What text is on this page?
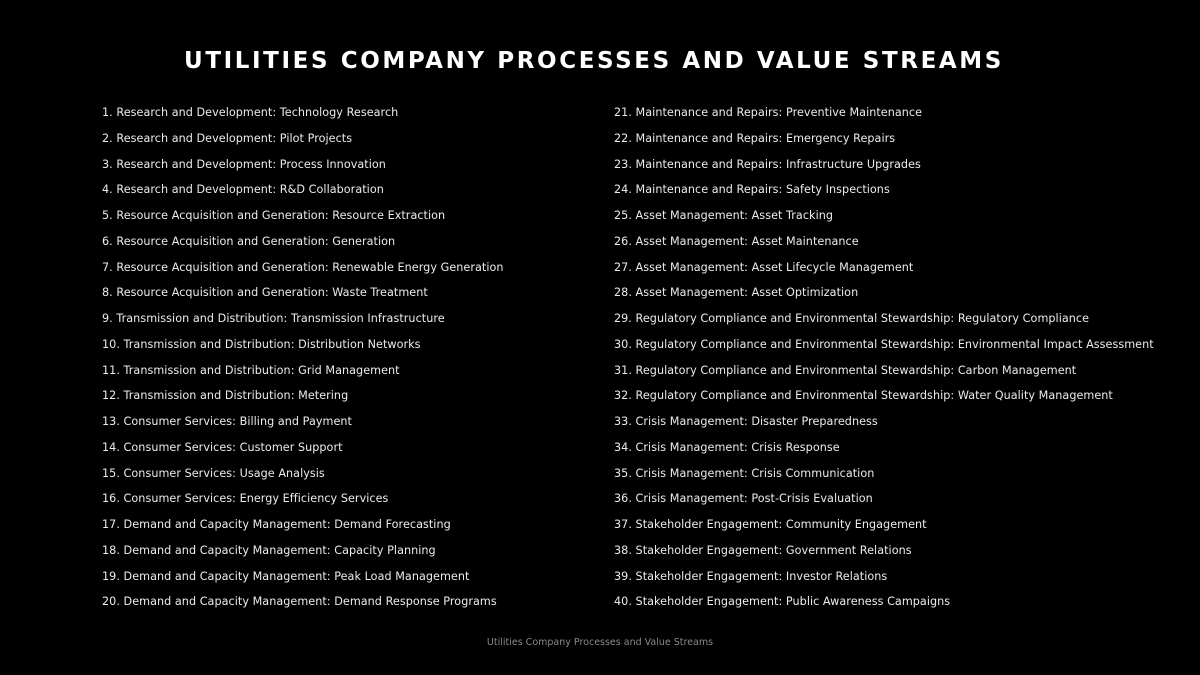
UTILITIES COMPANY PROCESSES AND VALUE STREAMS
1. Research and Development: Technology Research
2. Research and Development: Pilot Projects
3. Research and Development: Process Innovation
4. Research and Development: R&D Collaboration
5. Resource Acquisition and Generation: Resource Extraction
6. Resource Acquisition and Generation: Generation
7. Resource Acquisition and Generation: Renewable Energy Generation
8. Resource Acquisition and Generation: Waste Treatment
9. Transmission and Distribution: Transmission Infrastructure
10. Transmission and Distribution: Distribution Networks
11. Transmission and Distribution: Grid Management
12. Transmission and Distribution: Metering
13. Consumer Services: Billing and Payment
14. Consumer Services: Customer Support
15. Consumer Services: Usage Analysis
16. Consumer Services: Energy Efficiency Services
17. Demand and Capacity Management: Demand Forecasting
18. Demand and Capacity Management: Capacity Planning
19. Demand and Capacity Management: Peak Load Management
20. Demand and Capacity Management: Demand Response Programs
21. Maintenance and Repairs: Preventive Maintenance
22. Maintenance and Repairs: Emergency Repairs
23. Maintenance and Repairs: Infrastructure Upgrades
24. Maintenance and Repairs: Safety Inspections
25. Asset Management: Asset Tracking
26. Asset Management: Asset Maintenance
27. Asset Management: Asset Lifecycle Management
28. Asset Management: Asset Optimization
29. Regulatory Compliance and Environmental Stewardship: Regulatory Compliance
30. Regulatory Compliance and Environmental Stewardship: Environmental Impact Assessment
31. Regulatory Compliance and Environmental Stewardship: Carbon Management
32. Regulatory Compliance and Environmental Stewardship: Water Quality Management
33. Crisis Management: Disaster Preparedness
34. Crisis Management: Crisis Response
35. Crisis Management: Crisis Communication
36. Crisis Management: Post-Crisis Evaluation
37. Stakeholder Engagement: Community Engagement
38. Stakeholder Engagement: Government Relations
39. Stakeholder Engagement: Investor Relations
40. Stakeholder Engagement: Public Awareness Campaigns
Utilities Company Processes and Value Streams
